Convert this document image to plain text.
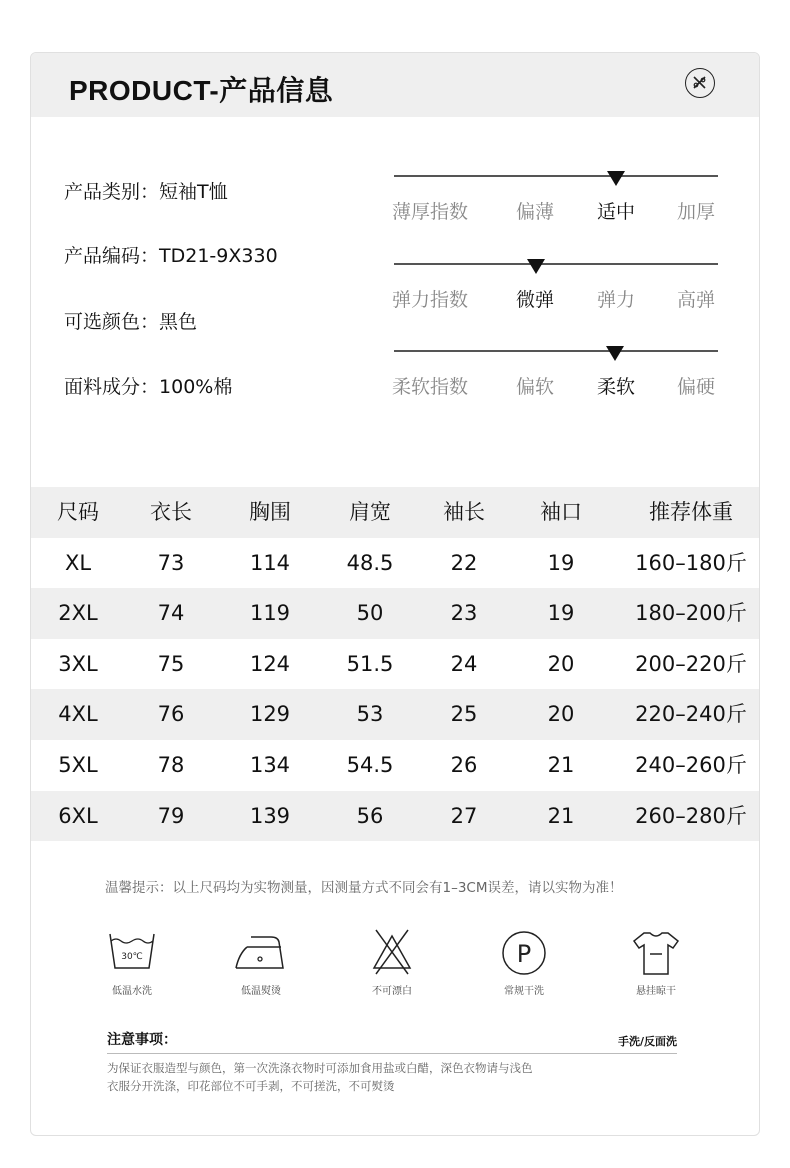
PRODUCT-产品信息
产品类别：短袖T恤
产品编码：TD21-9X330
可选颜色：黑色
面料成分：100%棉
薄厚指数	偏薄 适中 加厚
弹力指数	微弹 弹力 高弹
柔软指数	偏软 柔软 偏硬
尺码 衣长	胸围	肩宽 袖长	袖口	推荐体重
XL	73	114	48.5	22	19	160–180斤
2XL	74	119	50	23	19	180–200斤
3XL	75	124	51.5	24	20	200–220斤
4XL	76	129	53	25	20	220–240斤
5XL	78	134	54.5	26	21	240–260斤
6XL	79	139	56	27	21	260–280斤
温馨提示：以上尺码均为实物测量，因测量方式不同会有1–3CM误差，请以实物为准！
30℃
低温水洗	低温熨烫	不可漂白
P
常规干洗	悬挂晾干
注意事项：	手洗/反面洗
为保证衣服造型与颜色，第一次洗涤衣物时可添加食用盐或白醋，深色衣物请与浅色
衣服分开洗涤，印花部位不可手剥，不可搓洗，不可熨烫
